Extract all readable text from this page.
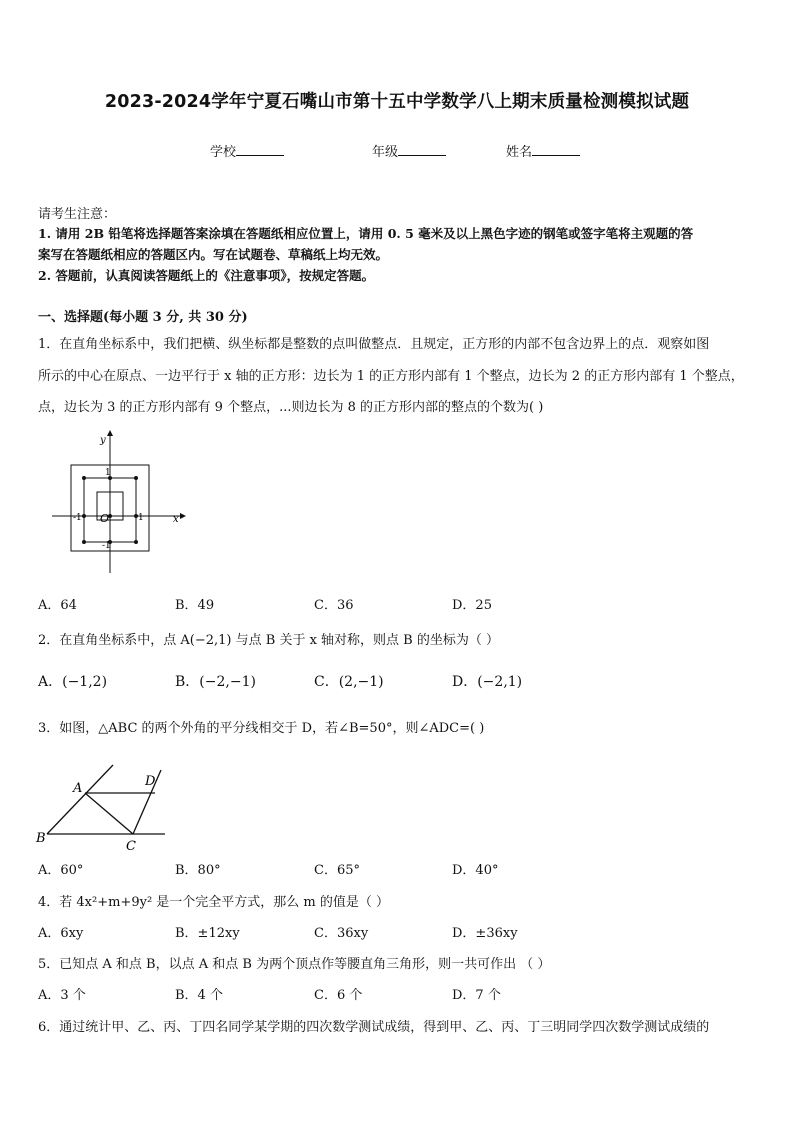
2023-2024学年宁夏石嘴山市第十五中学数学八上期末质量检测模拟试题
学校	年级	姓名
请考生注意：
1. 请用 2B 铅笔将选择题答案涂填在答题纸相应位置上，请用 0. 5 毫米及以上黑色字迹的钢笔或签字笔将主观题的答
案写在答题纸相应的答题区内。写在试题卷、草稿纸上均无效。
2. 答题前，认真阅读答题纸上的《注意事项》，按规定答题。
一、选择题(每小题 3 分, 共 30 分)
1．在直角坐标系中，我们把横、纵坐标都是整数的点叫做整点．且规定，正方形的内部不包含边界上的点．观察如图
所示的中心在原点、一边平行于 x 轴的正方形：边长为 1 的正方形内部有 1 个整点，边长为 2 的正方形内部有 1 个整点，
点，边长为 3 的正方形内部有 9 个整点，...则边长为 8 的正方形内部的整点的个数为( )
y
x
O
1
-1	1
-1
A．64	B．49	C．36	D．25
2．在直角坐标系中，点 A(−2,1) 与点 B 关于 x 轴对称，则点 B 的坐标为（ ）
A．(−1,2)	B．(−2,−1)	C．(2,−1)	D．(−2,1)
3．如图，△ABC 的两个外角的平分线相交于 D，若∠B=50°，则∠ADC=( )
A
B
C
D
A．60°	B．80°	C．65°	D．40°
4．若 4x²+m+9y² 是一个完全平方式，那么 m 的值是（ ）
A．6xy	B．±12xy	C．36xy	D．±36xy
5．已知点 A 和点 B，以点 A 和点 B 为两个顶点作等腰直角三角形，则一共可作出 （ ）
A．3 个	B．4 个	C．6 个	D．7 个
6．通过统计甲、乙、丙、丁四名同学某学期的四次数学测试成绩，得到甲、乙、丙、丁三明同学四次数学测试成绩的
